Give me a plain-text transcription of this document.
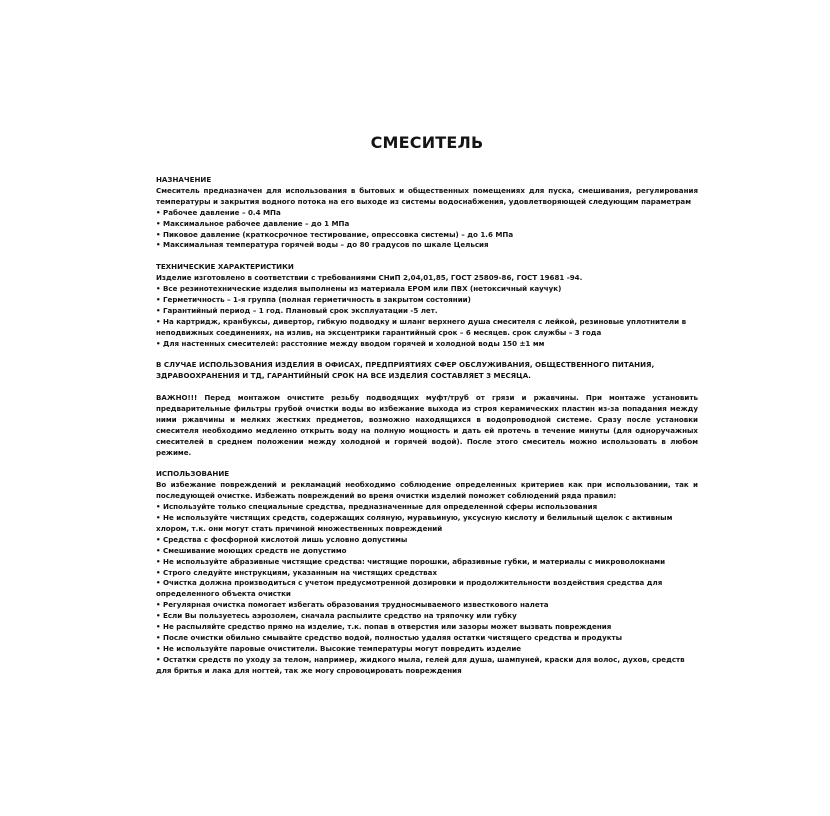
СМЕСИТЕЛЬ

НАЗНАЧЕНИЕ

Смеситель предназначен для использования в бытовых и общественных помещениях для пуска, смешивания, регулирования температуры и закрытия водного потока на его выходе из системы водоснабжения, удовлетворяющей следующим параметрам

• Рабочее давление – 0.4 МПа
• Максимальное рабочее давление – до 1 МПа
• Пиковое давление (краткосрочное тестирование, опрессовка системы) – до 1.6 МПа
• Максимальная температура горячей воды – до 80 градусов по шкале Цельсия

ТЕХНИЧЕСКИЕ ХАРАКТЕРИСТИКИ

Изделие изготовлено в соответствии с требованиями СНиП 2,04,01,85, ГОСТ 25809-86, ГОСТ 19681 -94.

• Все резинотехнические изделия выполнены из материала EPOM или ПВХ (нетоксичный каучук)
• Герметичность – 1-я группа (полная герметичность в закрытом состоянии)
• Гарантийный период – 1 год. Плановый срок эксплуатации -5 лет.
• На картридж, кранбуксы, дивертор, гибкую подводку и шланг верхнего душа смесителя с лейкой, резиновые уплотнители в неподвижных соединениях, на излив, на эксцентрики гарантийный срок – 6 месяцев. срок службы – 3 года
• Для настенных смесителей: расстояние между вводом горячей и холодной воды 150 ±1 мм

В СЛУЧАЕ ИСПОЛЬЗОВАНИЯ ИЗДЕЛИЯ В ОФИСАХ, ПРЕДПРИЯТИЯХ СФЕР ОБСЛУЖИВАНИЯ, ОБЩЕСТВЕННОГО ПИТАНИЯ, ЗДРАВООХРАНЕНИЯ И ТД, ГАРАНТИЙНЫЙ СРОК НА ВСЕ ИЗДЕЛИЯ СОСТАВЛЯЕТ 3 МЕСЯЦА.

ВАЖНО!!! Перед монтажом очистите резьбу подводящих муфт/труб от грязи и ржавчины. При монтаже установить предварительные фильтры грубой очистки воды во избежание выхода из строя керамических пластин из-за попадания между ними ржавчины и мелких жестких предметов, возможно находящихся в водопроводной системе. Сразу после установки смесителя необходимо медленно открыть воду на полную мощность и дать ей протечь в течение минуты (для одноручажных смесителей в среднем положении между холодной и горячей водой). После этого смеситель можно использовать в любом режиме.

ИСПОЛЬЗОВАНИЕ

Во избежание повреждений и рекламаций необходимо соблюдение определенных критериев как при использовании, так и последующей очистке. Избежать повреждений во время очистки изделий поможет соблюдений ряда правил:

• Используйте только специальные средства, предназначенные для определенной сферы использования
• Не используйте чистящих средств, содержащих соляную, муравьиную, уксусную кислоту и белильный щелок с активным хлором, т.к. они могут стать причиной множественных повреждений
• Средства с фосфорной кислотой лишь условно допустимы
• Смешивание моющих средств не допустимо
• Не используйте абразивные чистящие средства: чистящие порошки, абразивные губки, и материалы с микроволокнами
• Строго следуйте инструкциям, указанным на чистящих средствах
• Очистка должна производиться с учетом предусмотренной дозировки и продолжительности воздействия средства для определенного объекта очистки
• Регулярная очистка помогает избегать образования трудносмываемого известкового налета
• Если Вы пользуетесь аэрозолем, сначала распылите средство на тряпочку или губку
• Не распыляйте средство прямо на изделие, т.к. попав в отверстия или зазоры может вызвать повреждения
• После очистки обильно смывайте средство водой, полностью удаляя остатки чистящего средства и продукты
• Не используйте паровые очистители. Высокие температуры могут повредить изделие
• Остатки средств по уходу за телом, например, жидкого мыла, гелей для душа, шампуней, краски для волос, духов, средств для бритья и лака для ногтей, так же могу спровоцировать повреждения
